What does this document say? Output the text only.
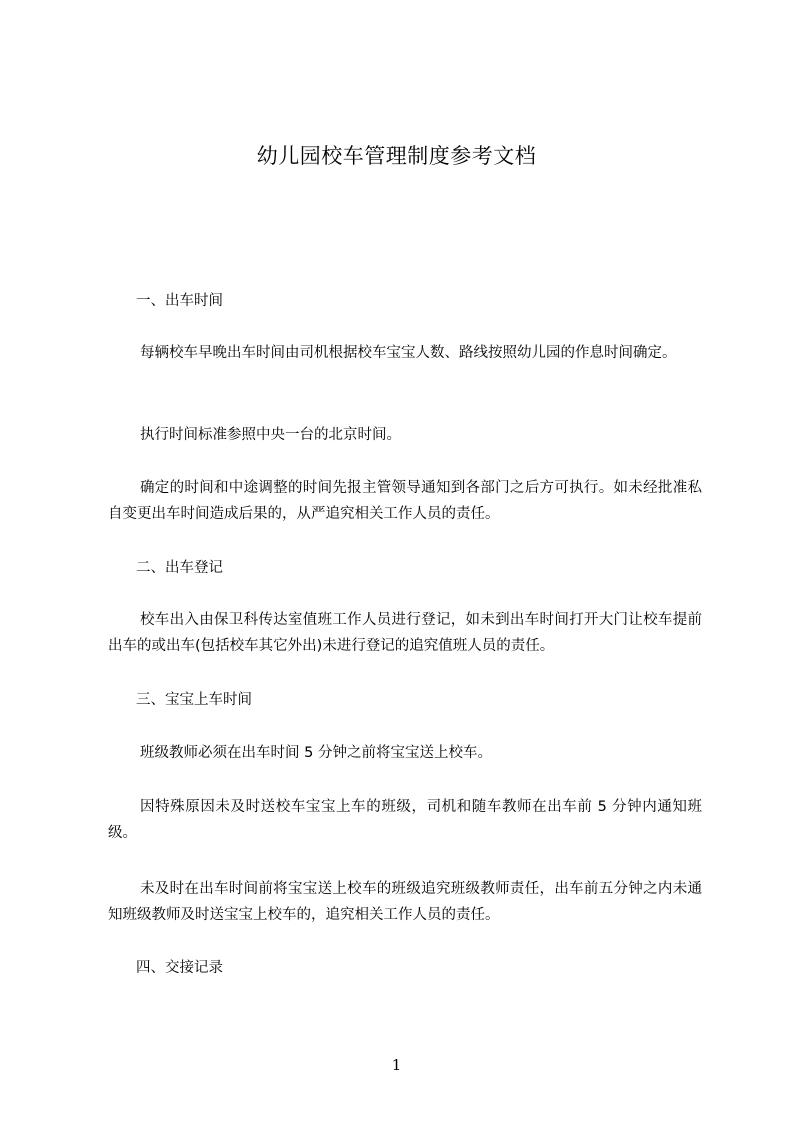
幼儿园校车管理制度参考文档
一、出车时间
每辆校车早晚出车时间由司机根据校车宝宝人数、路线按照幼儿园的作息时间确定。
执行时间标准参照中央一台的北京时间。
确定的时间和中途调整的时间先报主管领导通知到各部门之后方可执行。如未经批准私自变更出车时间造成后果的，从严追究相关工作人员的责任。
二、出车登记
校车出入由保卫科传达室值班工作人员进行登记，如未到出车时间打开大门让校车提前出车的或出车(包括校车其它外出)未进行登记的追究值班人员的责任。
三、宝宝上车时间
班级教师必须在出车时间 5 分钟之前将宝宝送上校车。
因特殊原因未及时送校车宝宝上车的班级，司机和随车教师在出车前 5 分钟内通知班级。
未及时在出车时间前将宝宝送上校车的班级追究班级教师责任，出车前五分钟之内未通知班级教师及时送宝宝上校车的，追究相关工作人员的责任。
四、交接记录
1
